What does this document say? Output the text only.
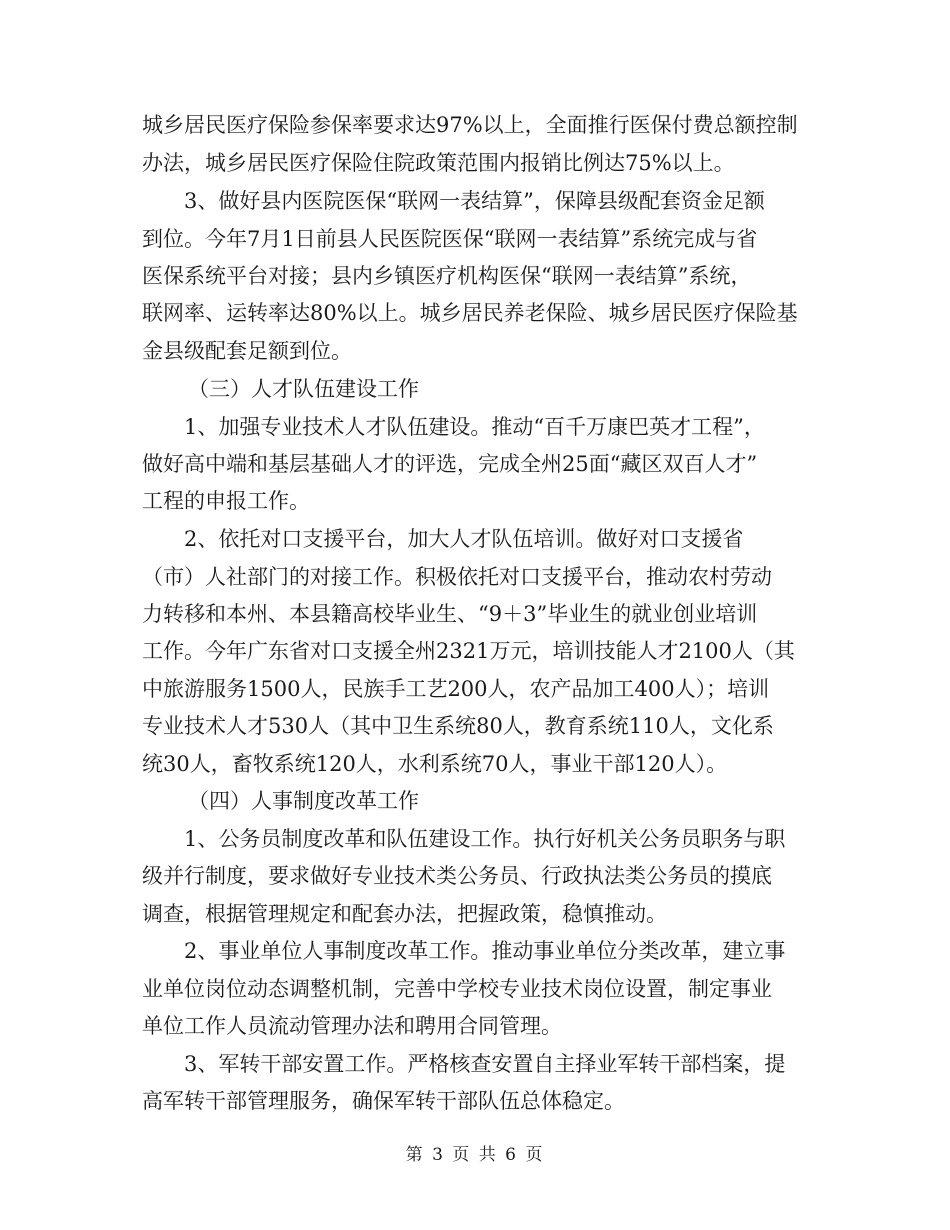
城乡居民医疗保险参保率要求达97%以上，全面推行医保付费总额控制
办法，城乡居民医疗保险住院政策范围内报销比例达75%以上。
3、做好县内医院医保“联网一表结算”，保障县级配套资金足额
到位。今年7月1日前县人民医院医保“联网一表结算”系统完成与省
医保系统平台对接；县内乡镇医疗机构医保“联网一表结算”系统，
联网率、运转率达80%以上。城乡居民养老保险、城乡居民医疗保险基
金县级配套足额到位。
（三）人才队伍建设工作
1、加强专业技术人才队伍建设。推动“百千万康巴英才工程”，
做好高中端和基层基础人才的评选，完成全州25面“藏区双百人才”
工程的申报工作。
2、依托对口支援平台，加大人才队伍培训。做好对口支援省
（市）人社部门的对接工作。积极依托对口支援平台，推动农村劳动
力转移和本州、本县籍高校毕业生、“9＋3”毕业生的就业创业培训
工作。今年广东省对口支援全州2321万元，培训技能人才2100人（其
中旅游服务1500人，民族手工艺200人，农产品加工400人）；培训
专业技术人才530人（其中卫生系统80人，教育系统110人，文化系
统30人，畜牧系统120人，水利系统70人，事业干部120人）。
（四）人事制度改革工作
1、公务员制度改革和队伍建设工作。执行好机关公务员职务与职
级并行制度，要求做好专业技术类公务员、行政执法类公务员的摸底
调查，根据管理规定和配套办法，把握政策，稳慎推动。
2、事业单位人事制度改革工作。推动事业单位分类改革，建立事
业单位岗位动态调整机制，完善中学校专业技术岗位设置，制定事业
单位工作人员流动管理办法和聘用合同管理。
3、军转干部安置工作。严格核查安置自主择业军转干部档案，提
高军转干部管理服务，确保军转干部队伍总体稳定。
第 3 页 共 6 页
